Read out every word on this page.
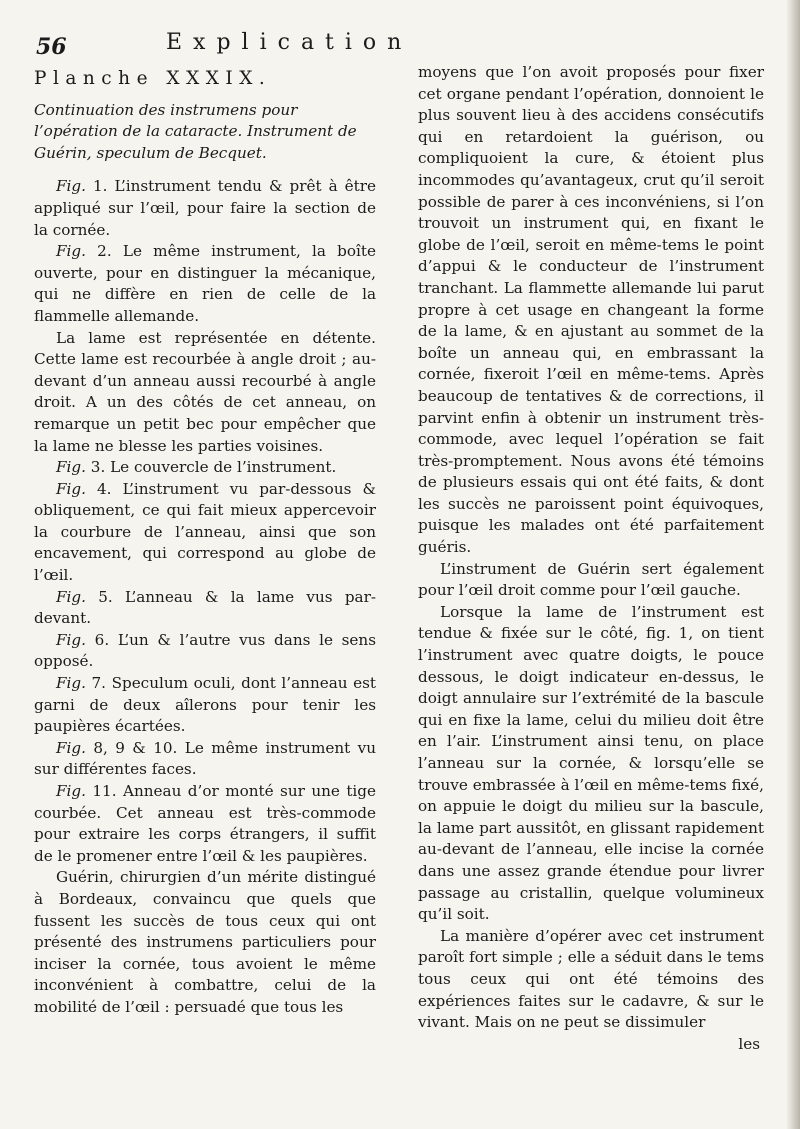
56	Explication
Planche XXXIX.
Continuation des instrumens pour l’opération de la cataracte. Instrument de Guérin, speculum de Becquet.

Fig. 1. L’instrument tendu & prêt à être appliqué sur l’œil, pour faire la section de la cornée.

Fig. 2. Le même instrument, la boîte ouverte, pour en distinguer la mécanique, qui ne diffère en rien de celle de la flammelle allemande.

La lame est représentée en détente. Cette lame est recourbée à angle droit ; au-devant d’un anneau aussi recourbé à angle droit. A un des côtés de cet anneau, on remarque un petit bec pour empêcher que la lame ne blesse les parties voisines.

Fig. 3. Le couvercle de l’instrument.

Fig. 4. L’instrument vu par-dessous & obliquement, ce qui fait mieux appercevoir la courbure de l’anneau, ainsi que son encavement, qui correspond au globe de l’œil.

Fig. 5. L’anneau & la lame vus par-devant.

Fig. 6. L’un & l’autre vus dans le sens opposé.

Fig. 7. Speculum oculi, dont l’anneau est garni de deux aîlerons pour tenir les paupières écartées.

Fig. 8, 9 & 10. Le même instrument vu sur différentes faces.

Fig. 11. Anneau d’or monté sur une tige courbée. Cet anneau est très-commode pour extraire les corps étrangers, il suffit de le promener entre l’œil & les paupières.

Guérin, chirurgien d’un mérite distingué à Bordeaux, convaincu que quels que fussent les succès de tous ceux qui ont présenté des instrumens particuliers pour inciser la cornée, tous avoient le même inconvénient à combattre, celui de la mobilité de l’œil : persuadé que tous les

moyens que l’on avoit proposés pour fixer cet organe pendant l’opération, donnoient le plus souvent lieu à des accidens consécutifs qui en retardoient la guérison, ou compliquoient la cure, & étoient plus incommodes qu’avantageux, crut qu’il seroit possible de parer à ces inconvéniens, si l’on trouvoit un instrument qui, en fixant le globe de l’œil, seroit en même-tems le point d’appui & le conducteur de l’instrument tranchant. La flammette allemande lui parut propre à cet usage en changeant la forme de la lame, & en ajustant au sommet de la boîte un anneau qui, en embrassant la cornée, fixeroit l’œil en même-tems. Après beaucoup de tentatives & de corrections, il parvint enfin à obtenir un instrument très-commode, avec lequel l’opération se fait très-promptement. Nous avons été témoins de plusieurs essais qui ont été faits, & dont les succès ne paroissent point équivoques, puisque les malades ont été parfaitement guéris.

L’instrument de Guérin sert également pour l’œil droit comme pour l’œil gauche.

Lorsque la lame de l’instrument est tendue & fixée sur le côté, fig. 1, on tient l’instrument avec quatre doigts, le pouce dessous, le doigt indicateur en-dessus, le doigt annulaire sur l’extrémité de la bascule qui en fixe la lame, celui du milieu doit être en l’air. L’instrument ainsi tenu, on place l’anneau sur la cornée, & lorsqu’elle se trouve embrassée à l’œil en même-tems fixé, on appuie le doigt du milieu sur la bascule, la lame part aussitôt, en glissant rapidement au-devant de l’anneau, elle incise la cornée dans une assez grande étendue pour livrer passage au cristallin, quelque volumineux qu’il soit.

La manière d’opérer avec cet instrument paroît fort simple ; elle a séduit dans le tems tous ceux qui ont été témoins des expériences faites sur le cadavre, & sur le vivant. Mais on ne peut se dissimuler

les
